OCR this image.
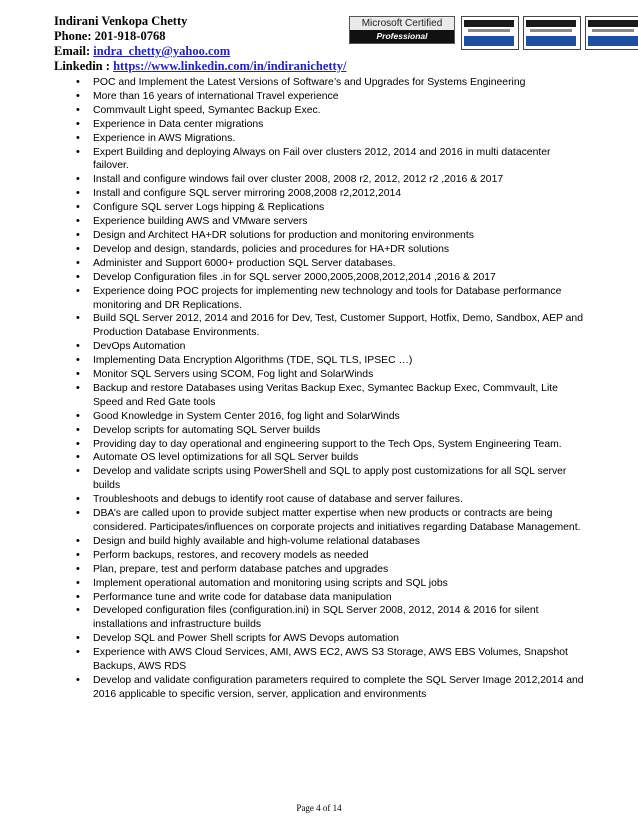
Indirani Venkopa Chetty
Phone: 201-918-0768
Email: indra_chetty@yahoo.com
Linkedin : https://www.linkedin.com/in/indiranichetty/
Microsoft Certified
Professional
• POC and Implement the Latest Versions of Software’s and Upgrades for Systems Engineering
• More than 16 years of international Travel experience
• Commvault Light speed, Symantec Backup Exec.
• Experience in Data center migrations
• Experience in AWS Migrations.
• Expert Building and deploying Always on Fail over clusters 2012, 2014 and 2016 in multi datacenter failover.
• Install and configure windows fail over cluster 2008, 2008 r2, 2012, 2012 r2 ,2016 & 2017
• Install and configure SQL server mirroring 2008,2008 r2,2012,2014
• Configure SQL server Logs hipping & Replications
• Experience building AWS and VMware servers
• Design and Architect HA+DR solutions for production and monitoring environments
• Develop and design, standards, policies and procedures for HA+DR solutions
• Administer and Support 6000+ production SQL Server databases.
• Develop Configuration files .in for SQL server 2000,2005,2008,2012,2014 ,2016 & 2017
• Experience doing POC projects for implementing new technology and tools for Database performance monitoring and DR Replications.
• Build SQL Server 2012, 2014 and 2016 for Dev, Test, Customer Support, Hotfix, Demo, Sandbox, AEP and Production Database Environments.
• DevOps Automation
• Implementing Data Encryption Algorithms (TDE, SQL TLS, IPSEC …)
• Monitor SQL Servers using SCOM, Fog light and SolarWinds
• Backup and restore Databases using Veritas Backup Exec, Symantec Backup Exec, Commvault, Lite Speed and Red Gate tools
• Good Knowledge in System Center 2016, fog light and SolarWinds
• Develop scripts for automating SQL Server builds
• Providing day to day operational and engineering support to the Tech Ops, System Engineering Team.
• Automate OS level optimizations for all SQL Server builds
• Develop and validate scripts using PowerShell and SQL to apply post customizations for all SQL server builds
• Troubleshoots and debugs to identify root cause of database and server failures.
• DBA’s are called upon to provide subject matter expertise when new products or contracts are being considered. Participates/influences on corporate projects and initiatives regarding Database Management.
• Design and build highly available and high-volume relational databases
• Perform backups, restores, and recovery models as needed
• Plan, prepare, test and perform database patches and upgrades
• Implement operational automation and monitoring using scripts and SQL jobs
• Performance tune and write code for database data manipulation
• Developed configuration files (configuration.ini) in SQL Server 2008, 2012, 2014 & 2016 for silent installations and infrastructure builds
• Develop SQL and Power Shell scripts for AWS Devops automation
• Experience with AWS Cloud Services, AMI, AWS EC2, AWS S3 Storage, AWS EBS Volumes, Snapshot Backups, AWS RDS
• Develop and validate configuration parameters required to complete the SQL Server Image 2012,2014 and 2016 applicable to specific version, server, application and environments
Page 4 of 14
